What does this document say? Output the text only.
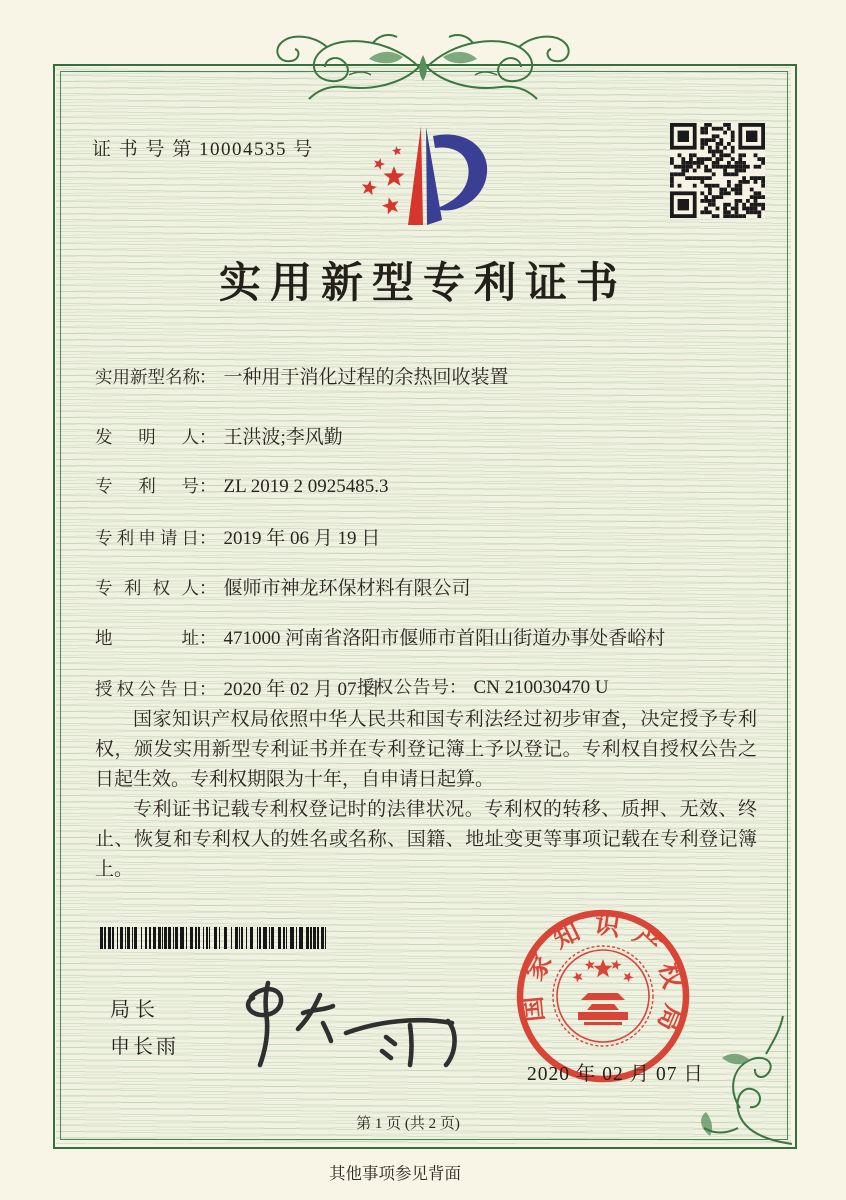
证 书 号 第 10004535 号
实用新型专利证书
实用新型名称： 一种用于消化过程的余热回收装置
发明人： 王洪波;李风勤
专利号： ZL 2019 2 0925485.3
专利申请日： 2019 年 06 月 19 日
专利权人： 偃师市神龙环保材料有限公司
地址： 471000 河南省洛阳市偃师市首阳山街道办事处香峪村
授权公告日： 2020 年 02 月 07 日
授权公告号： CN 210030470 U

国家知识产权局依照中华人民共和国专利法经过初步审查，决定授予专利权，颁发实用新型专利证书并在专利登记簿上予以登记。专利权自授权公告之日起生效。专利权期限为十年，自申请日起算。

专利证书记载专利权登记时的法律状况。专利权的转移、质押、无效、终止、恢复和专利权人的姓名或名称、国籍、地址变更等事项记载在专利登记簿上。

局长
申长雨
国家知识产权局
2020 年 02 月 07 日
第 1 页 (共 2 页)
其他事项参见背面
